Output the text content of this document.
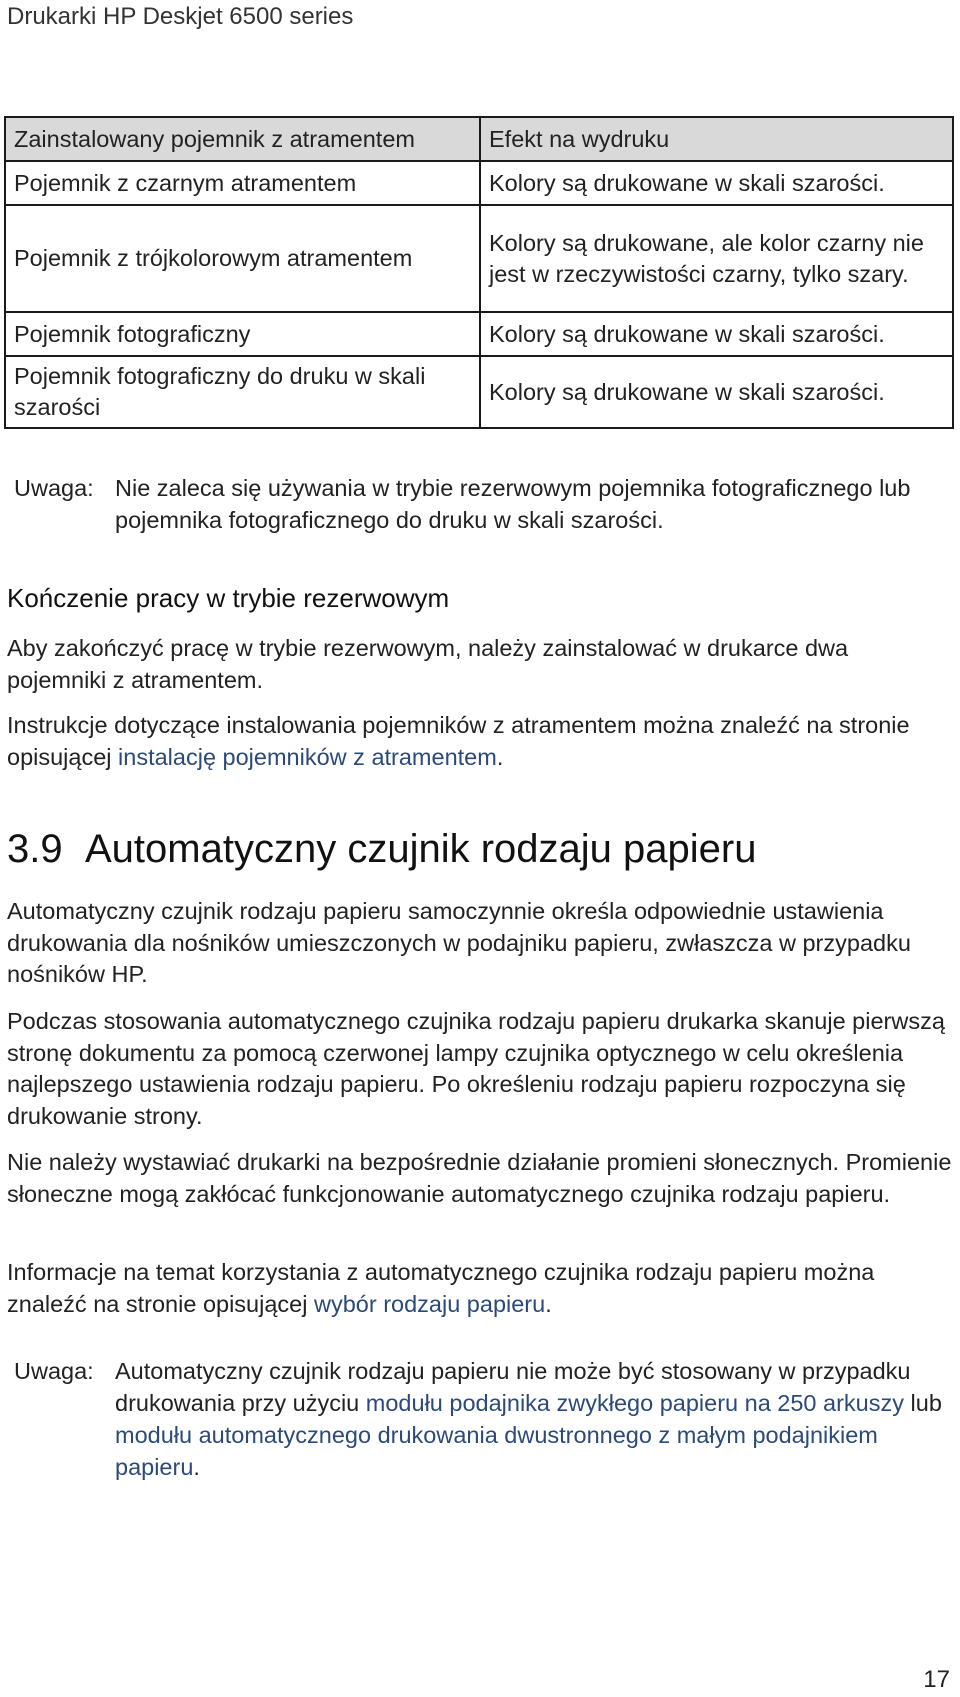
Drukarki HP Deskjet 6500 series
Zainstalowany pojemnik z atramentem	Efekt na wydruku
Pojemnik z czarnym atramentem	Kolory są drukowane w skali szarości.
Pojemnik z trójkolorowym atramentem	Kolory są drukowane, ale kolor czarny nie jest w rzeczywistości czarny, tylko szary.
Pojemnik fotograficzny	Kolory są drukowane w skali szarości.
Pojemnik fotograficzny do druku w skali szarości	Kolory są drukowane w skali szarości.
Uwaga: Nie zaleca się używania w trybie rezerwowym pojemnika fotograficznego lub pojemnika fotograficznego do druku w skali szarości.
Kończenie pracy w trybie rezerwowym

Aby zakończyć pracę w trybie rezerwowym, należy zainstalować w drukarce dwa pojemniki z atramentem.

Instrukcje dotyczące instalowania pojemników z atramentem można znaleźć na stronie opisującej instalację pojemników z atramentem.

3.9 Automatyczny czujnik rodzaju papieru

Automatyczny czujnik rodzaju papieru samoczynnie określa odpowiednie ustawienia drukowania dla nośników umieszczonych w podajniku papieru, zwłaszcza w przypadku nośników HP.

Podczas stosowania automatycznego czujnika rodzaju papieru drukarka skanuje pierwszą stronę dokumentu za pomocą czerwonej lampy czujnika optycznego w celu określenia najlepszego ustawienia rodzaju papieru. Po określeniu rodzaju papieru rozpoczyna się drukowanie strony.

Nie należy wystawiać drukarki na bezpośrednie działanie promieni słonecznych. Promienie słoneczne mogą zakłócać funkcjonowanie automatycznego czujnika rodzaju papieru.

Informacje na temat korzystania z automatycznego czujnika rodzaju papieru można znaleźć na stronie opisującej wybór rodzaju papieru.

Uwaga: Automatyczny czujnik rodzaju papieru nie może być stosowany w przypadku drukowania przy użyciu modułu podajnika zwykłego papieru na 250 arkuszy lub modułu automatycznego drukowania dwustronnego z małym podajnikiem papieru.
17
